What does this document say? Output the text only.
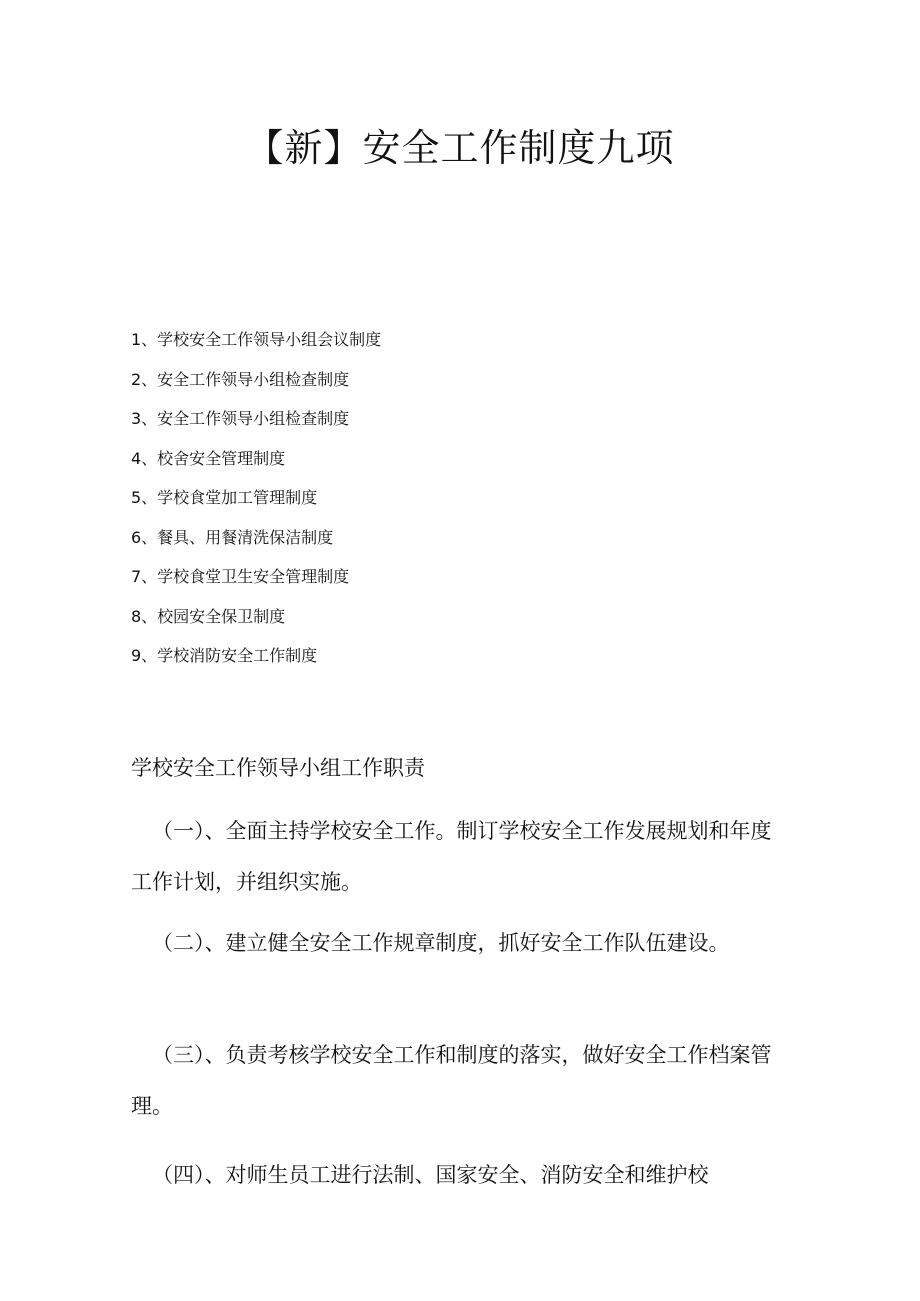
【新】安全工作制度九项
1、学校安全工作领导小组会议制度
2、安全工作领导小组检查制度
3、安全工作领导小组检查制度
4、校舍安全管理制度
5、学校食堂加工管理制度
6、餐具、用餐清洗保洁制度
7、学校食堂卫生安全管理制度
8、校园安全保卫制度
9、学校消防安全工作制度
学校安全工作领导小组工作职责

（一）、全面主持学校安全工作。制订学校安全工作发展规划和年度工作计划，并组织实施。

（二）、建立健全安全工作规章制度，抓好安全工作队伍建设。

（三）、负责考核学校安全工作和制度的落实，做好安全工作档案管理。

（四）、对师生员工进行法制、国家安全、消防安全和维护校
